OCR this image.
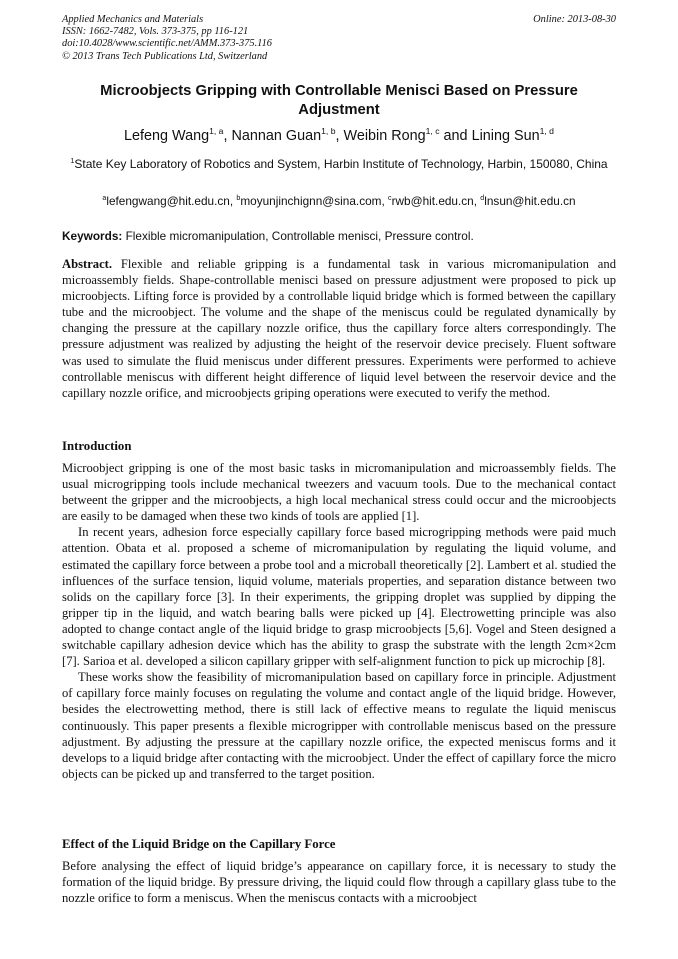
Applied Mechanics and Materials
ISSN: 1662-7482, Vols. 373-375, pp 116-121
doi:10.4028/www.scientific.net/AMM.373-375.116
© 2013 Trans Tech Publications Ltd, Switzerland
Online: 2013-08-30
Microobjects Gripping with Controllable Menisci Based on Pressure Adjustment
Lefeng Wang$^{1, a}$, Nannan Guan$^{1, b}$, Weibin Rong$^{1, c}$ and Lining Sun$^{1, d}$
$^1$State Key Laboratory of Robotics and System, Harbin Institute of Technology, Harbin, 150080, China
$^a$lefengwang@hit.edu.cn, $^b$moyunjinchignn@sina.com, $^c$rwb@hit.edu.cn, $^d$lnsun@hit.edu.cn
Keywords: Flexible micromanipulation, Controllable menisci, Pressure control.
Abstract. Flexible and reliable gripping is a fundamental task in various micromanipulation and microassembly fields. Shape-controllable menisci based on pressure adjustment were proposed to pick up microobjects. Lifting force is provided by a controllable liquid bridge which is formed between the capillary tube and the microobject. The volume and the shape of the meniscus could be regulated dynamically by changing the pressure at the capillary nozzle orifice, thus the capillary force alters correspondingly. The pressure adjustment was realized by adjusting the height of the reservoir device precisely. Fluent software was used to simulate the fluid meniscus under different pressures. Experiments were performed to achieve controllable meniscus with different height difference of liquid level between the reservoir device and the capillary nozzle orifice, and microobjects griping operations were executed to verify the method.
Introduction

Microobject gripping is one of the most basic tasks in micromanipulation and microassembly fields. The usual microgripping tools include mechanical tweezers and vacuum tools. Due to the mechanical contact betweent the gripper and the microobjects, a high local mechanical stress could occur and the microobjects are easily to be damaged when these two kinds of tools are applied [1].

In recent years, adhesion force especially capillary force based microgripping methods were paid much attention. Obata et al. proposed a scheme of micromanipulation by regulating the liquid volume, and estimated the capillary force between a probe tool and a microball theoretically [2]. Lambert et al. studied the influences of the surface tension, liquid volume, materials properties, and separation distance between two solids on the capillary force [3]. In their experiments, the gripping droplet was supplied by dipping the gripper tip in the liquid, and watch bearing balls were picked up [4]. Electrowetting principle was also adopted to change contact angle of the liquid bridge to grasp microobjects [5,6]. Vogel and Steen designed a switchable capillary adhesion device which has the ability to grasp the substrate with the length 2cm×2cm [7]. Sarioa et al. developed a silicon capillary gripper with self-alignment function to pick up microchip [8].

These works show the feasibility of micromanipulation based on capillary force in principle. Adjustment of capillary force mainly focuses on regulating the volume and contact angle of the liquid bridge. However, besides the electrowetting method, there is still lack of effective means to regulate the liquid meniscus continuously. This paper presents a flexible microgripper with controllable meniscus based on the pressure adjustment. By adjusting the pressure at the capillary nozzle orifice, the expected meniscus forms and it develops to a liquid bridge after contacting with the microobject. Under the effect of capillary force the micro objects can be picked up and transferred to the target position.

Effect of the Liquid Bridge on the Capillary Force

Before analysing the effect of liquid bridge’s appearance on capillary force, it is necessary to study the formation of the liquid bridge. By pressure driving, the liquid could flow through a capillary glass tube to the nozzle orifice to form a meniscus. When the meniscus contacts with a microobject
